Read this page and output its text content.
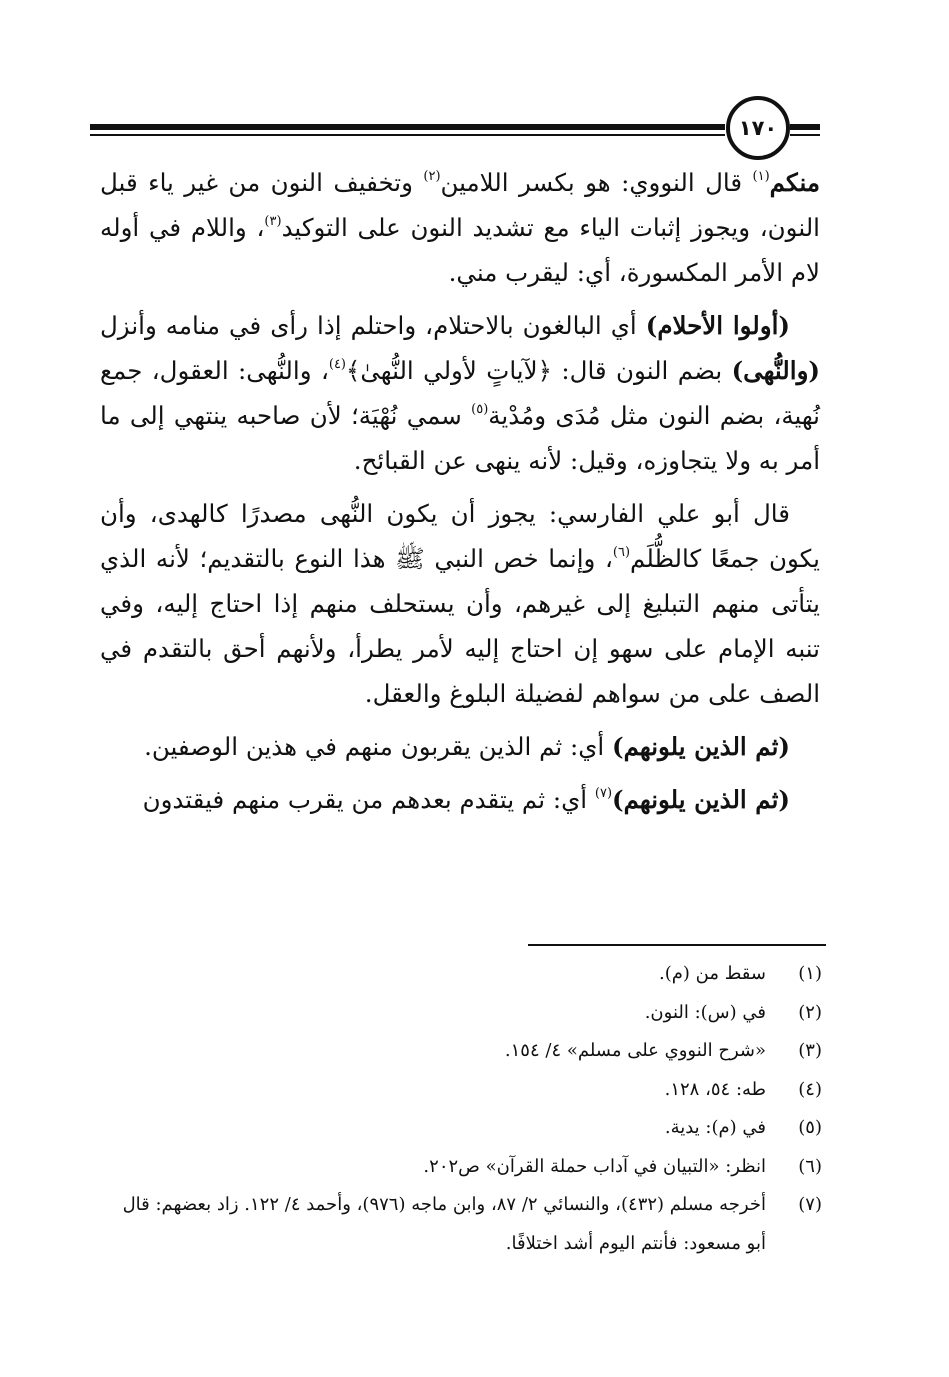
١٧٠

منكم$^{(١)}$ قال النووي: هو بكسر اللامين$^{(٢)}$ وتخفيف النون من غير ياء قبل النون، ويجوز إثبات الياء مع تشديد النون على التوكيد$^{(٣)}$، واللام في أوله لام الأمر المكسورة، أي: ليقرب مني.

(أولوا الأحلام) أي البالغون بالاحتلام، واحتلم إذا رأى في منامه وأنزل (والنُّهى) بضم النون قال: ﴿لآياتٍ لأولي النُّهىٰ﴾$^{(٤)}$، والنُّهى: العقول، جمع نُهية، بضم النون مثل مُدَى ومُدْية$^{(٥)}$ سمي نُهْيَة؛ لأن صاحبه ينتهي إلى ما أمر به ولا يتجاوزه، وقيل: لأنه ينهى عن القبائح.

قال أبو علي الفارسي: يجوز أن يكون النُّهى مصدرًا كالهدى، وأن يكون جمعًا كالظُّلَم$^{(٦)}$، وإنما خص النبي ﷺ هذا النوع بالتقديم؛ لأنه الذي يتأتى منهم التبليغ إلى غيرهم، وأن يستحلف منهم إذا احتاج إليه، وفي تنبه الإمام على سهو إن احتاج إليه لأمر يطرأ، ولأنهم أحق بالتقدم في الصف على من سواهم لفضيلة البلوغ والعقل.

(ثم الذين يلونهم) أي: ثم الذين يقربون منهم في هذين الوصفين.

(ثم الذين يلونهم)$^{(٧)}$ أي: ثم يتقدم بعدهم من يقرب منهم فيقتدون

(١)
سقط من (م).
(٢)
في (س): النون.
(٣)
«شرح النووي على مسلم» ٤/ ١٥٤.
(٤)
طه: ٥٤، ١٢٨.
(٥)
في (م): يدية.
(٦)
انظر: «التبيان في آداب حملة القرآن» ص٢٠٢.
(٧)
أخرجه مسلم (٤٣٢)، والنسائي ٢/ ٨٧، وابن ماجه (٩٧٦)، وأحمد ٤/ ١٢٢. زاد بعضهم: قال أبو مسعود: فأنتم اليوم أشد اختلافًا.
